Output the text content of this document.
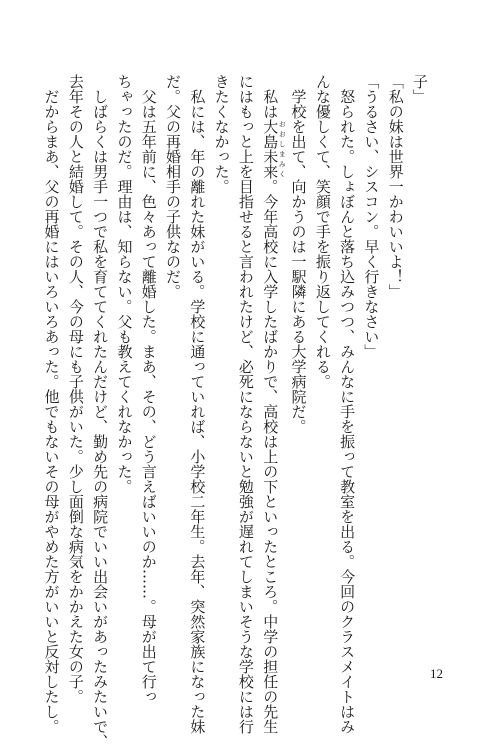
子」

「私の妹は世界一かわいいよ！」

「うるさい、シスコン。早く行きなさい」

　怒られた。しょぼんと落ち込みつつ、みんなに手を振って教室を出る。今回のクラスメイトはみ

んな優しくて、笑顔で手を振り返してくれる。

　学校を出て、向かうのは一駅隣にある大学病院だ。

　私は大島未来 おおしまみく。今年高校に入学したばかりで、高校は上の下といったところ。中学の担任の先生

にはもっと上を目指せると言われたけど、必死にならないと勉強が遅れてしまいそうな学校には行

きたくなかった。

　私には、年の離れた妹がいる。学校に通っていれば、小学校二年生。去年、突然家族になった妹

だ。父の再婚相手の子供なのだ。

　父は五年前に、色々あって離婚した。まあ、その、どう言えばいいのか……。母が出て行っ

ちゃったのだ。理由は、知らない。父も教えてくれなかった。

　しばらくは男手一つで私を育ててくれたんだけど、勤め先の病院でいい出会いがあったみたいで、

去年その人と結婚して。その人、今の母にも子供がいた。少し面倒な病気をかかえた女の子。

　だからまあ、父の再婚にはいろいろあった。他でもないその母がやめた方がいいと反対したし。	12
